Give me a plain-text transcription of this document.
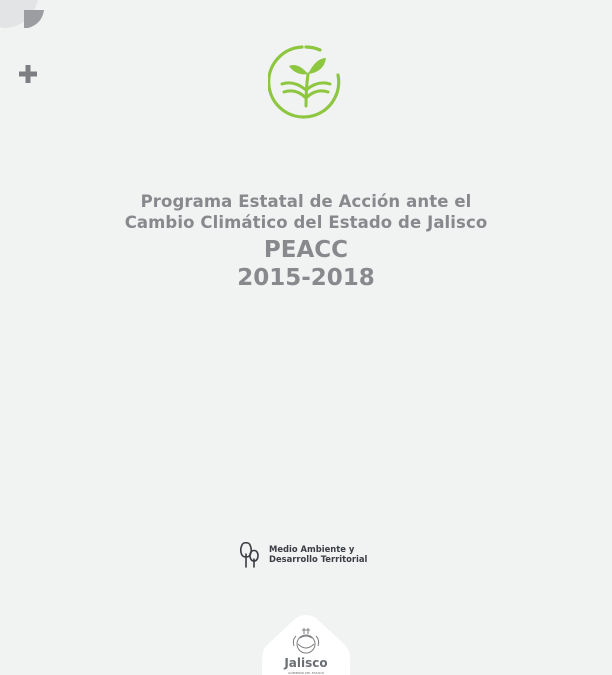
Programa Estatal de Acción ante el
Cambio Climático del Estado de Jalisco
PEACC
2015-2018
Medio Ambiente y
Desarrollo Territorial
Jalisco
GOBIERNO DEL ESTADO
